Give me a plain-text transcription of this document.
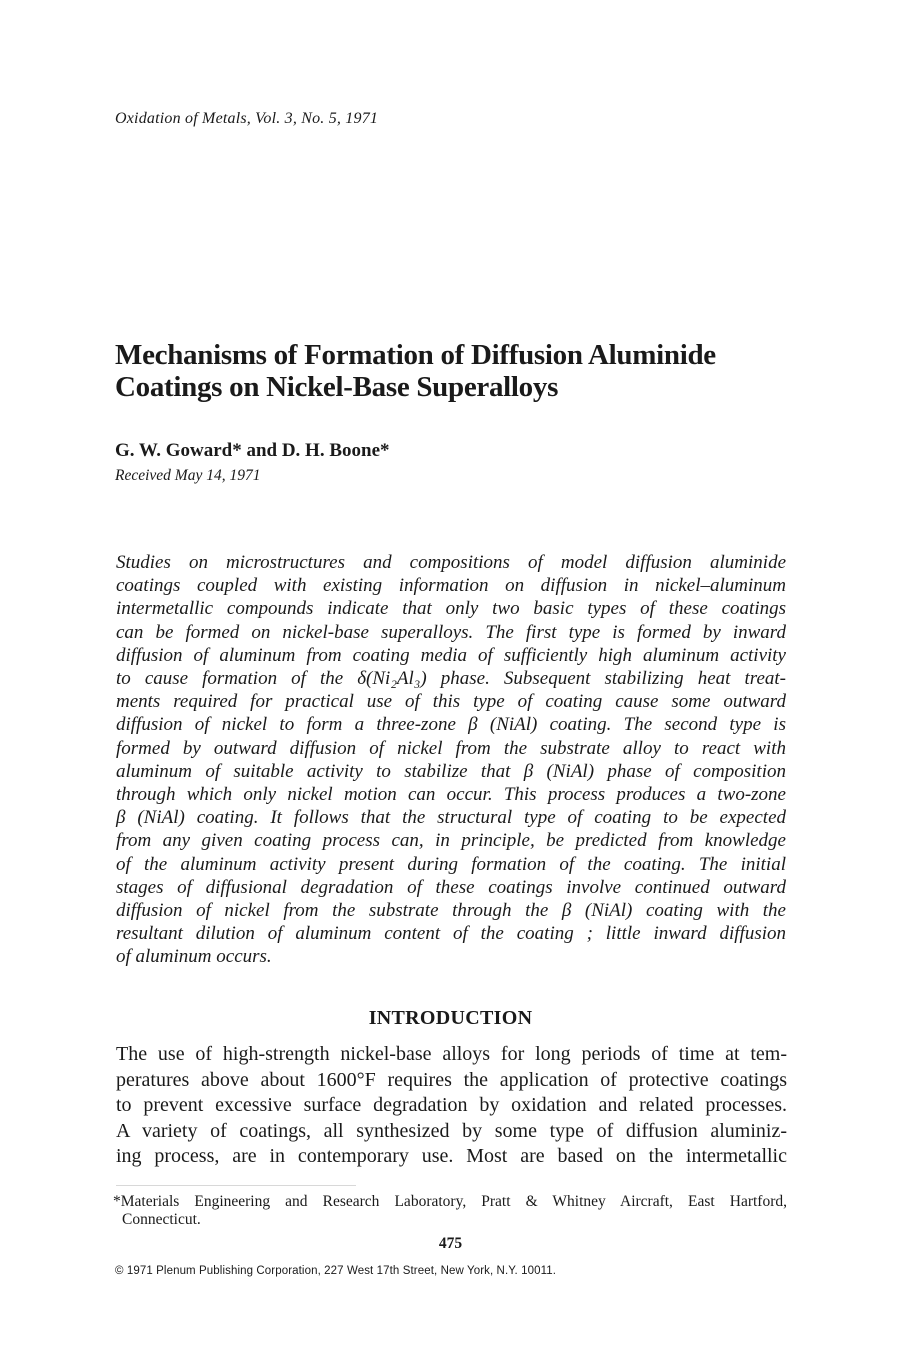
Oxidation of Metals, Vol. 3, No. 5, 1971
Mechanisms of Formation of Diffusion Aluminide
Coatings on Nickel-Base Superalloys
G. W. Goward* and D. H. Boone*
Received May 14, 1971
Studies on microstructures and compositions of model diffusion aluminide
coatings coupled with existing information on diffusion in nickel–aluminum
intermetallic compounds indicate that only two basic types of these coatings
can be formed on nickel-base superalloys. The first type is formed by inward
diffusion of aluminum from coating media of sufficiently high aluminum activity
to cause formation of the δ(Ni₂Al₃) phase. Subsequent stabilizing heat treat-
ments required for practical use of this type of coating cause some outward
diffusion of nickel to form a three-zone β (NiAl) coating. The second type is
formed by outward diffusion of nickel from the substrate alloy to react with
aluminum of suitable activity to stabilize that β (NiAl) phase of composition
through which only nickel motion can occur. This process produces a two-zone
β (NiAl) coating. It follows that the structural type of coating to be expected
from any given coating process can, in principle, be predicted from knowledge
of the aluminum activity present during formation of the coating. The initial
stages of diffusional degradation of these coatings involve continued outward
diffusion of nickel from the substrate through the β (NiAl) coating with the
resultant dilution of aluminum content of the coating ; little inward diffusion
of aluminum occurs.
INTRODUCTION
The use of high-strength nickel-base alloys for long periods of time at tem-
peratures above about 1600°F requires the application of protective coatings
to prevent excessive surface degradation by oxidation and related processes.
A variety of coatings, all synthesized by some type of diffusion aluminiz-
ing process, are in contemporary use. Most are based on the intermetallic
*Materials Engineering and Research Laboratory, Pratt & Whitney Aircraft, East Hartford,
Connecticut.
475
© 1971 Plenum Publishing Corporation, 227 West 17th Street, New York, N.Y. 10011.
